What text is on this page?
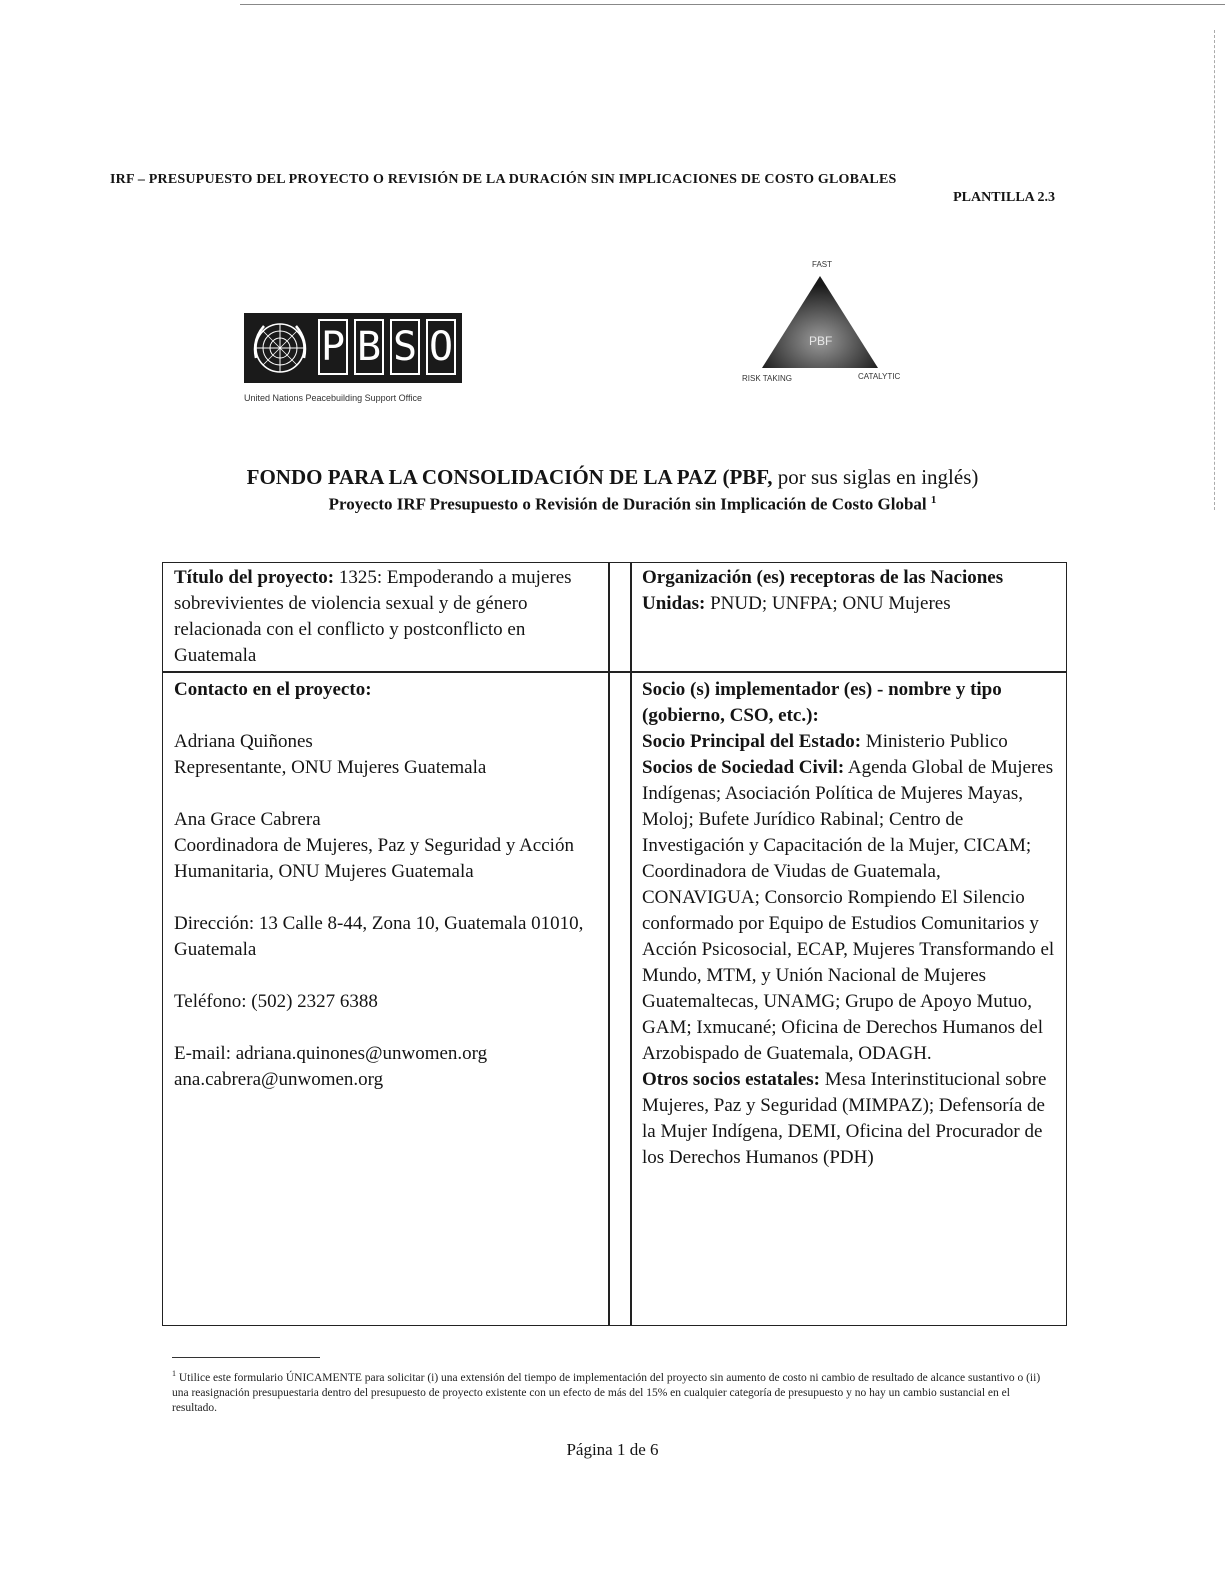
IRF – PRESUPUESTO DEL PROYECTO O REVISIÓN DE LA DURACIÓN SIN IMPLICACIONES DE COSTO GLOBALES
PLANTILLA 2.3
P B S O
United Nations Peacebuilding Support Office
FAST
PBF
RISK TAKING	CATALYTIC
FONDO PARA LA CONSOLIDACIÓN DE LA PAZ (PBF, por sus siglas en inglés)
Proyecto IRF Presupuesto o Revisión de Duración sin Implicación de Costo Global $^1$
Título del proyecto: 1325: Empoderando a mujeres sobrevivientes de violencia sexual y de género relacionada con el conflicto y postconflicto en Guatemala
Organización (es) receptoras de las Naciones Unidas: PNUD; UNFPA; ONU Mujeres
Contacto en el proyecto:
Adriana Quiñones
Representante, ONU Mujeres Guatemala
Ana Grace Cabrera
Coordinadora de Mujeres, Paz y Seguridad y Acción Humanitaria, ONU Mujeres Guatemala
Dirección: 13 Calle 8-44, Zona 10, Guatemala 01010, Guatemala
Teléfono: (502) 2327 6388
E-mail: adriana.quinones@unwomen.org
ana.cabrera@unwomen.org
Socio (s) implementador (es) - nombre y tipo (gobierno, CSO, etc.):
Socio Principal del Estado: Ministerio Publico
Socios de Sociedad Civil: Agenda Global de Mujeres Indígenas; Asociación Política de Mujeres Mayas, Moloj; Bufete Jurídico Rabinal; Centro de Investigación y Capacitación de la Mujer, CICAM; Coordinadora de Viudas de Guatemala, CONAVIGUA; Consorcio Rompiendo El Silencio conformado por Equipo de Estudios Comunitarios y Acción Psicosocial, ECAP, Mujeres Transformando el Mundo, MTM, y Unión Nacional de Mujeres Guatemaltecas, UNAMG; Grupo de Apoyo Mutuo, GAM; Ixmucané; Oficina de Derechos Humanos del Arzobispado de Guatemala, ODAGH.
Otros socios estatales: Mesa Interinstitucional sobre Mujeres, Paz y Seguridad (MIMPAZ); Defensoría de la Mujer Indígena, DEMI, Oficina del Procurador de los Derechos Humanos (PDH)
$^1$ Utilice este formulario ÚNICAMENTE para solicitar (i) una extensión del tiempo de implementación del proyecto sin aumento de costo ni cambio de resultado de alcance sustantivo o (ii) una reasignación presupuestaria dentro del presupuesto de proyecto existente con un efecto de más del 15% en cualquier categoría de presupuesto y no hay un cambio sustancial en el resultado.
Página 1 de 6
